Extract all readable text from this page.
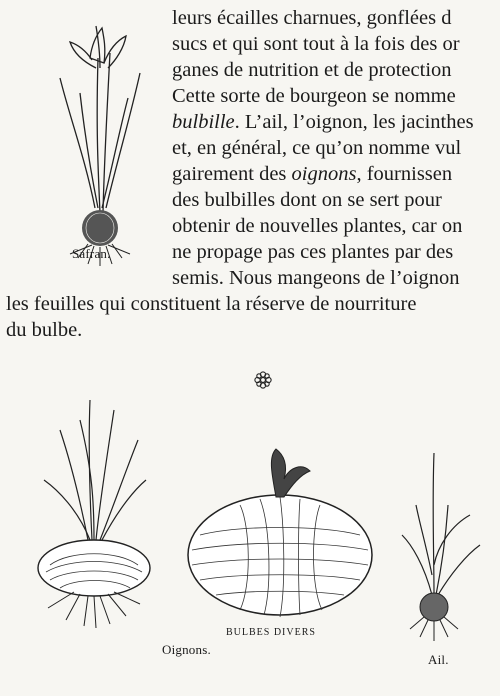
Safran.
leurs écailles charnues, gonflées d
sucs et qui sont tout à la fois des or
ganes de nutrition et de protection
Cette sorte de bourgeon se nomme
bulbille. L’ail, l’oignon, les jacinthes
et, en général, ce qu’on nomme vul
gairement des oignons, fournissen
des bulbilles dont on se sert pour
obtenir de nouvelles plantes, car on
ne propage pas ces plantes par des
semis. Nous mangeons de l’oignon
les feuilles qui constituent la réserve de nourriture
du bulbe.
Oignons.
BULBES DIVERS
Ail.
